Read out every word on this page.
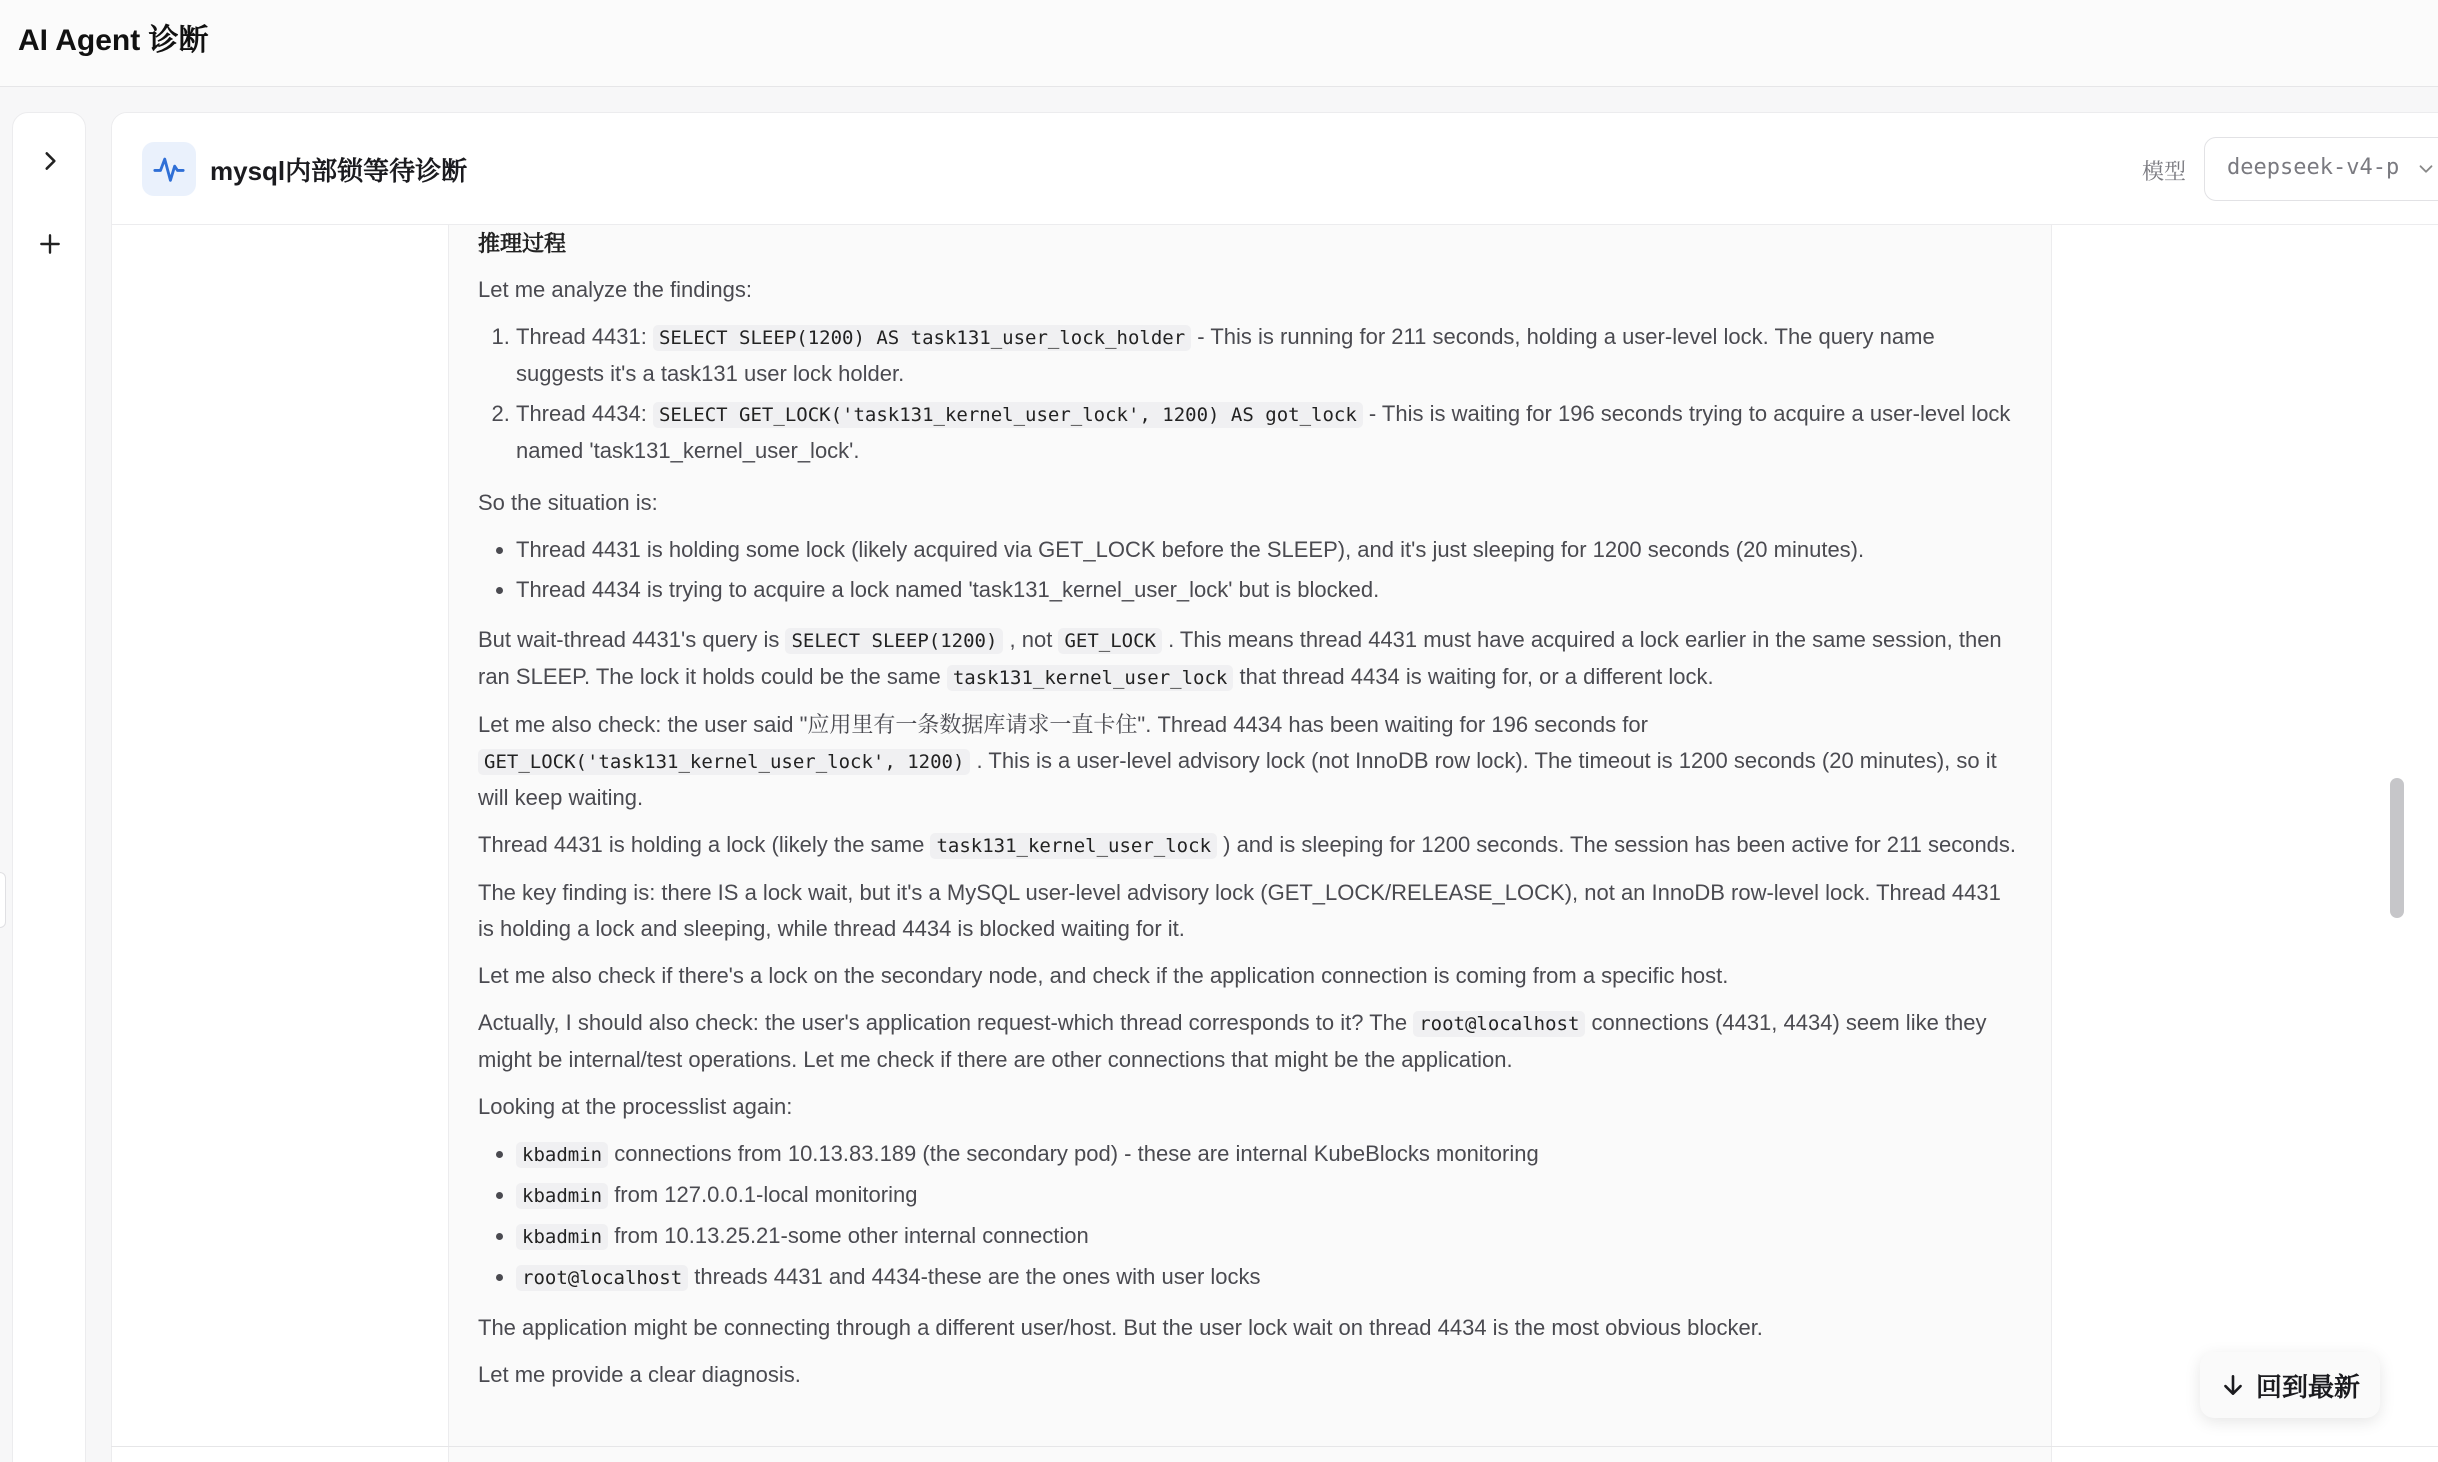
AI Agent 诊断
mysql内部锁等待诊断	模型	deepseek-v4-p
推理过程

Let me analyze the findings:

1. Thread 4431: SELECT SLEEP(1200) AS task131_user_lock_holder - This is running for 211 seconds, holding a user-level lock. The query name suggests it's a task131 user lock holder.
2. Thread 4434: SELECT GET_LOCK('task131_kernel_user_lock', 1200) AS got_lock - This is waiting for 196 seconds trying to acquire a user-level lock named 'task131_kernel_user_lock'.

So the situation is:

• Thread 4431 is holding some lock (likely acquired via GET_LOCK before the SLEEP), and it's just sleeping for 1200 seconds (20 minutes).
• Thread 4434 is trying to acquire a lock named 'task131_kernel_user_lock' but is blocked.

But wait-thread 4431's query is SELECT SLEEP(1200) , not GET_LOCK . This means thread 4431 must have acquired a lock earlier in the same session, then ran SLEEP. The lock it holds could be the same task131_kernel_user_lock that thread 4434 is waiting for, or a different lock.

Let me also check: the user said "应用里有一条数据库请求一直卡住". Thread 4434 has been waiting for 196 seconds for GET_LOCK('task131_kernel_user_lock', 1200) . This is a user-level advisory lock (not InnoDB row lock). The timeout is 1200 seconds (20 minutes), so it will keep waiting.

Thread 4431 is holding a lock (likely the same task131_kernel_user_lock ) and is sleeping for 1200 seconds. The session has been active for 211 seconds.

The key finding is: there IS a lock wait, but it's a MySQL user-level advisory lock (GET_LOCK/RELEASE_LOCK), not an InnoDB row-level lock. Thread 4431 is holding a lock and sleeping, while thread 4434 is blocked waiting for it.

Let me also check if there's a lock on the secondary node, and check if the application connection is coming from a specific host.

Actually, I should also check: the user's application request-which thread corresponds to it? The root@localhost connections (4431, 4434) seem like they might be internal/test operations. Let me check if there are other connections that might be the application.

Looking at the processlist again:

• kbadmin connections from 10.13.83.189 (the secondary pod) - these are internal KubeBlocks monitoring
• kbadmin from 127.0.0.1-local monitoring
• kbadmin from 10.13.25.21-some other internal connection
• root@localhost threads 4431 and 4434-these are the ones with user locks

The application might be connecting through a different user/host. But the user lock wait on thread 4434 is the most obvious blocker.

Let me provide a clear diagnosis.	回到最新
